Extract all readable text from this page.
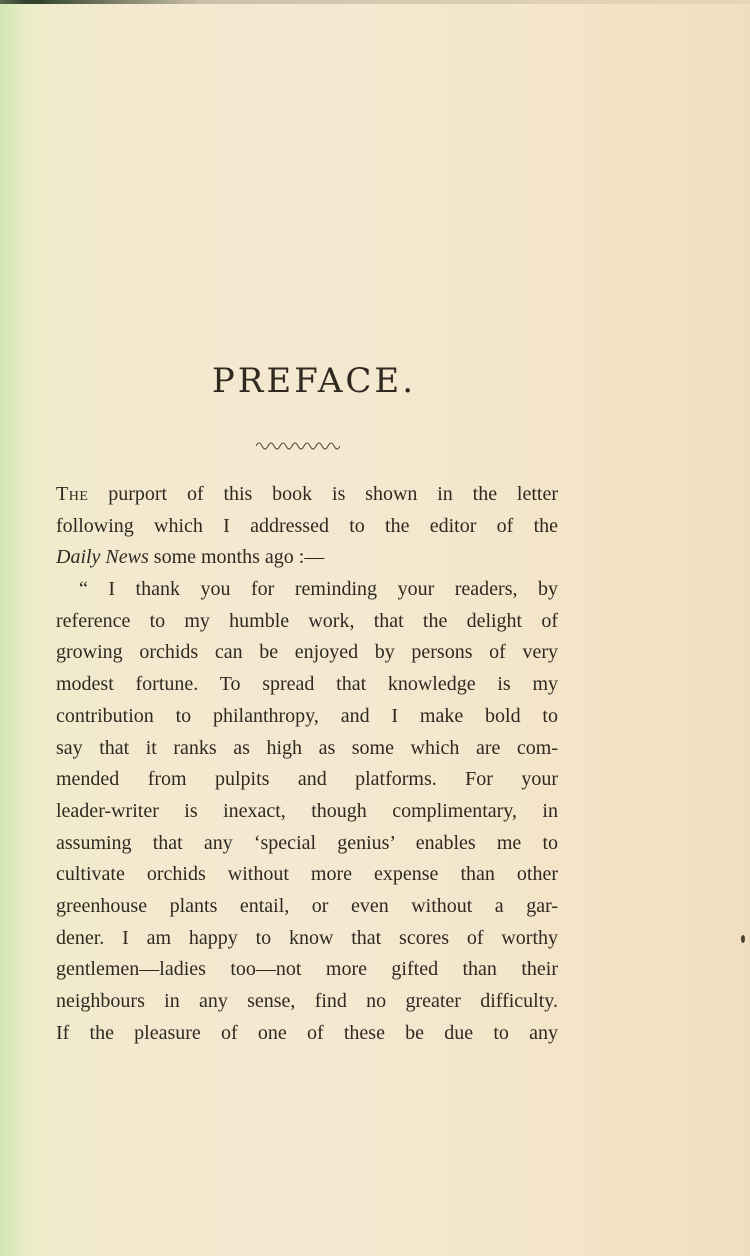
PREFACE.
The purport of this book is shown in the letter
following which I addressed to the editor of the
Daily News some months ago :—
“ I thank you for reminding your readers, by
reference to my humble work, that the delight of
growing orchids can be enjoyed by persons of very
modest fortune. To spread that knowledge is my
contribution to philanthropy, and I make bold to
say that it ranks as high as some which are com-
mended from pulpits and platforms. For your
leader-writer is inexact, though complimentary, in
assuming that any ‘special genius’ enables me to
cultivate orchids without more expense than other
greenhouse plants entail, or even without a gar-
dener. I am happy to know that scores of worthy
gentlemen—ladies too—not more gifted than their
neighbours in any sense, find no greater difficulty.
If the pleasure of one of these be due to any
